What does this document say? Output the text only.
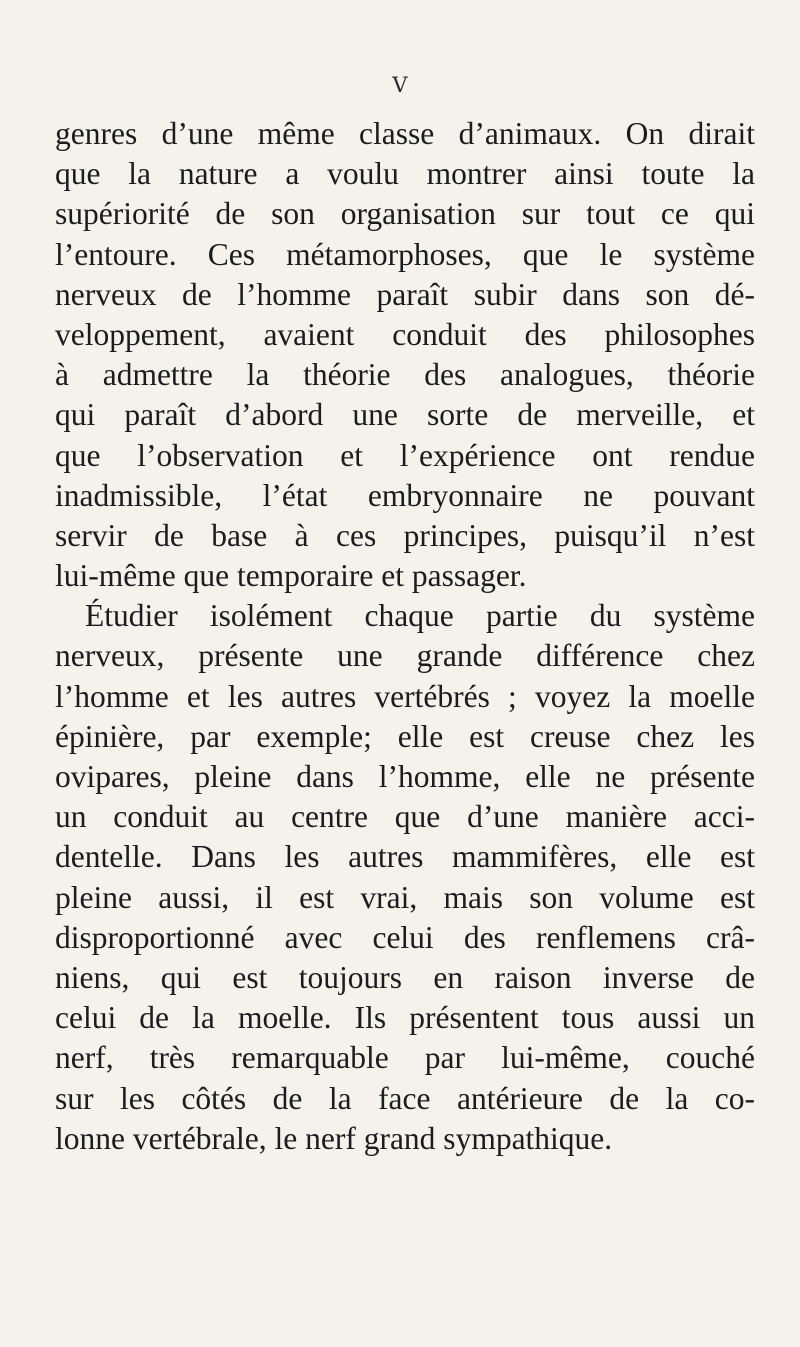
V
genres d’une même classe d’animaux. On dirait
que la nature a voulu montrer ainsi toute la
supériorité de son organisation sur tout ce qui
l’entoure. Ces métamorphoses, que le système
nerveux de l’homme paraît subir dans son dé-
veloppement, avaient conduit des philosophes
à admettre la théorie des analogues, théorie
qui paraît d’abord une sorte de merveille, et
que l’observation et l’expérience ont rendue
inadmissible, l’état embryonnaire ne pouvant
servir de base à ces principes, puisqu’il n’est
lui-même que temporaire et passager.
Étudier isolément chaque partie du système
nerveux, présente une grande différence chez
l’homme et les autres vertébrés ; voyez la moelle
épinière, par exemple; elle est creuse chez les
ovipares, pleine dans l’homme, elle ne présente
un conduit au centre que d’une manière acci-
dentelle. Dans les autres mammifères, elle est
pleine aussi, il est vrai, mais son volume est
disproportionné avec celui des renflemens crâ-
niens, qui est toujours en raison inverse de
celui de la moelle. Ils présentent tous aussi un
nerf, très remarquable par lui-même, couché
sur les côtés de la face antérieure de la co-
lonne vertébrale, le nerf grand sympathique.
